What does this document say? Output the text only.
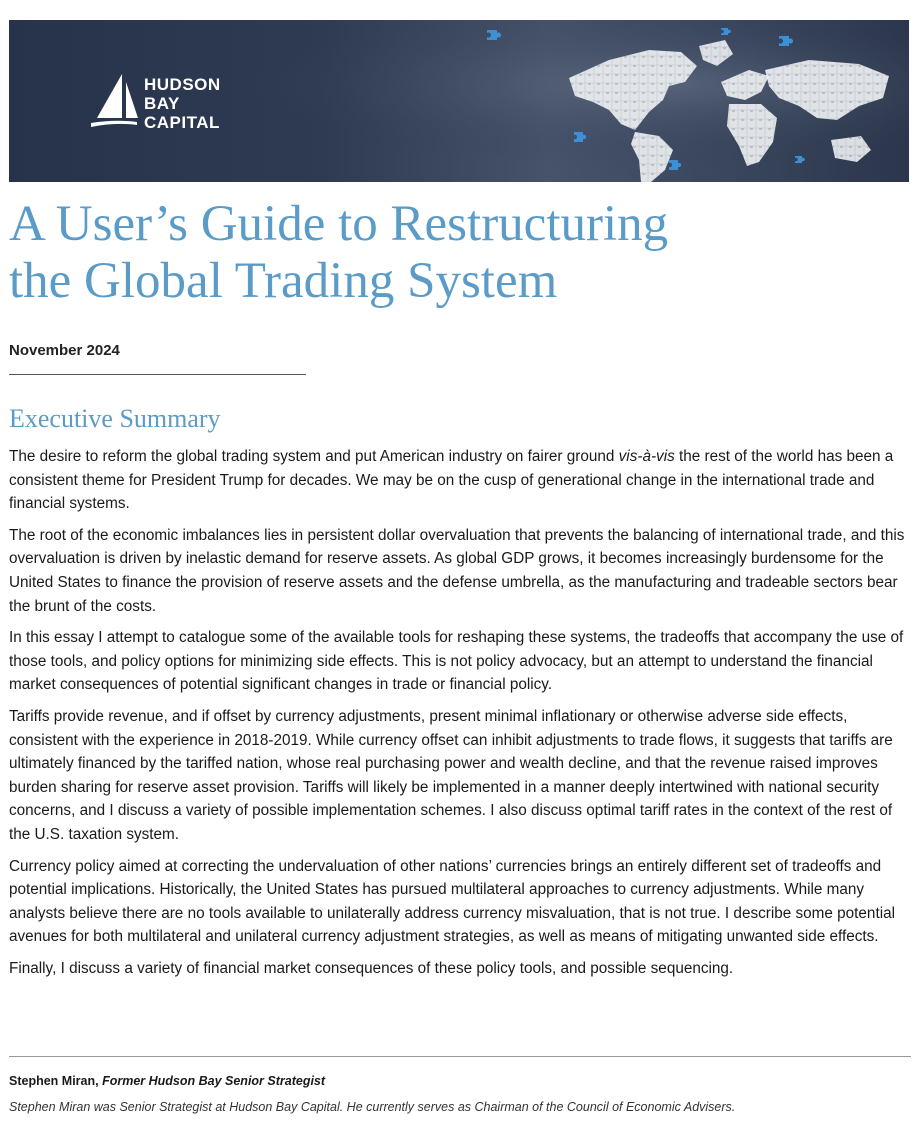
HUDSON
BAY
CAPITAL
A User’s Guide to Restructuring
the Global Trading System
November 2024
Executive Summary

The desire to reform the global trading system and put American industry on fairer ground vis-à-vis the rest of the world has been a consistent theme for President Trump for decades. We may be on the cusp of generational change in the international trade and financial systems.

The root of the economic imbalances lies in persistent dollar overvaluation that prevents the balancing of international trade, and this overvaluation is driven by inelastic demand for reserve assets. As global GDP grows, it becomes increasingly burdensome for the United States to finance the provision of reserve assets and the defense umbrella, as the manufacturing and tradeable sectors bear the brunt of the costs.

In this essay I attempt to catalogue some of the available tools for reshaping these systems, the tradeoffs that accompany the use of those tools, and policy options for minimizing side effects. This is not policy advocacy, but an attempt to understand the financial market consequences of potential significant changes in trade or financial policy.

Tariffs provide revenue, and if offset by currency adjustments, present minimal inflationary or otherwise adverse side effects, consistent with the experience in 2018-2019. While currency offset can inhibit adjustments to trade flows, it suggests that tariffs are ultimately financed by the tariffed nation, whose real purchasing power and wealth decline, and that the revenue raised improves burden sharing for reserve asset provision. Tariffs will likely be implemented in a manner deeply intertwined with national security concerns, and I discuss a variety of possible implementation schemes. I also discuss optimal tariff rates in the context of the rest of the U.S. taxation system.

Currency policy aimed at correcting the undervaluation of other nations’ currencies brings an entirely different set of tradeoffs and potential implications. Historically, the United States has pursued multilateral approaches to currency adjustments. While many analysts believe there are no tools available to unilaterally address currency misvaluation, that is not true. I describe some potential avenues for both multilateral and unilateral currency adjustment strategies, as well as means of mitigating unwanted side effects.

Finally, I discuss a variety of financial market consequences of these policy tools, and possible sequencing.

Stephen Miran, Former Hudson Bay Senior Strategist
Stephen Miran was Senior Strategist at Hudson Bay Capital. He currently serves as Chairman of the Council of Economic Advisers.
